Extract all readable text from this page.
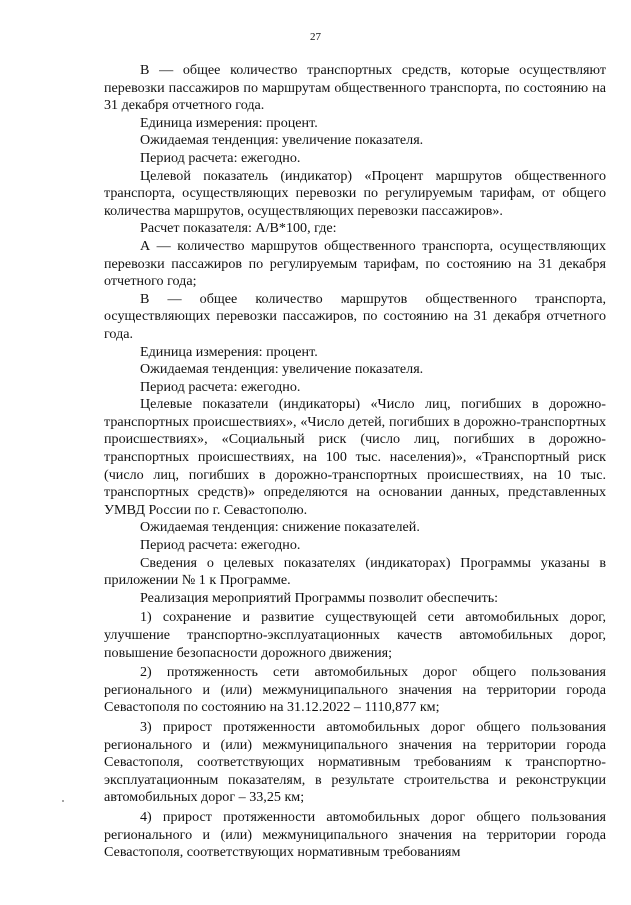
27

В — общее количество транспортных средств, которые осуществляют перевозки пассажиров по маршрутам общественного транспорта, по состоянию на 31 декабря отчетного года.

Единица измерения: процент.

Ожидаемая тенденция: увеличение показателя.

Период расчета: ежегодно.

Целевой показатель (индикатор) «Процент маршрутов общественного транспорта, осуществляющих перевозки по регулируемым тарифам, от общего количества маршрутов, осуществляющих перевозки пассажиров».

Расчет показателя: А/В*100, где:

А — количество маршрутов общественного транспорта, осуществляющих перевозки пассажиров по регулируемым тарифам, по состоянию на 31 декабря отчетного года;

В — общее количество маршрутов общественного транспорта, осуществляющих перевозки пассажиров, по состоянию на 31 декабря отчетного года.

Единица измерения: процент.

Ожидаемая тенденция: увеличение показателя.

Период расчета: ежегодно.

Целевые показатели (индикаторы) «Число лиц, погибших в дорожно-транспортных происшествиях», «Число детей, погибших в дорожно-транспортных происшествиях», «Социальный риск (число лиц, погибших в дорожно-транспортных происшествиях, на 100 тыс. населения)», «Транспортный риск (число лиц, погибших в дорожно-транспортных происшествиях, на 10 тыс. транспортных средств)» определяются на основании данных, представленных УМВД России по г. Севастополю.

Ожидаемая тенденция: снижение показателей.

Период расчета: ежегодно.

Сведения о целевых показателях (индикаторах) Программы указаны в приложении № 1 к Программе.

Реализация мероприятий Программы позволит обеспечить:

1) сохранение и развитие существующей сети автомобильных дорог, улучшение транспортно-эксплуатационных качеств автомобильных дорог, повышение безопасности дорожного движения;

2) протяженность сети автомобильных дорог общего пользования регионального и (или) межмуниципального значения на территории города Севастополя по состоянию на 31.12.2022 – 1110,877 км;

3) прирост протяженности автомобильных дорог общего пользования регионального и (или) межмуниципального значения на территории города Севастополя, соответствующих нормативным требованиям к транспортно-эксплуатационным показателям, в результате строительства и реконструкции автомобильных дорог – 33,25 км;

4) прирост протяженности автомобильных дорог общего пользования регионального и (или) межмуниципального значения на территории города Севастополя, соответствующих нормативным требованиям
